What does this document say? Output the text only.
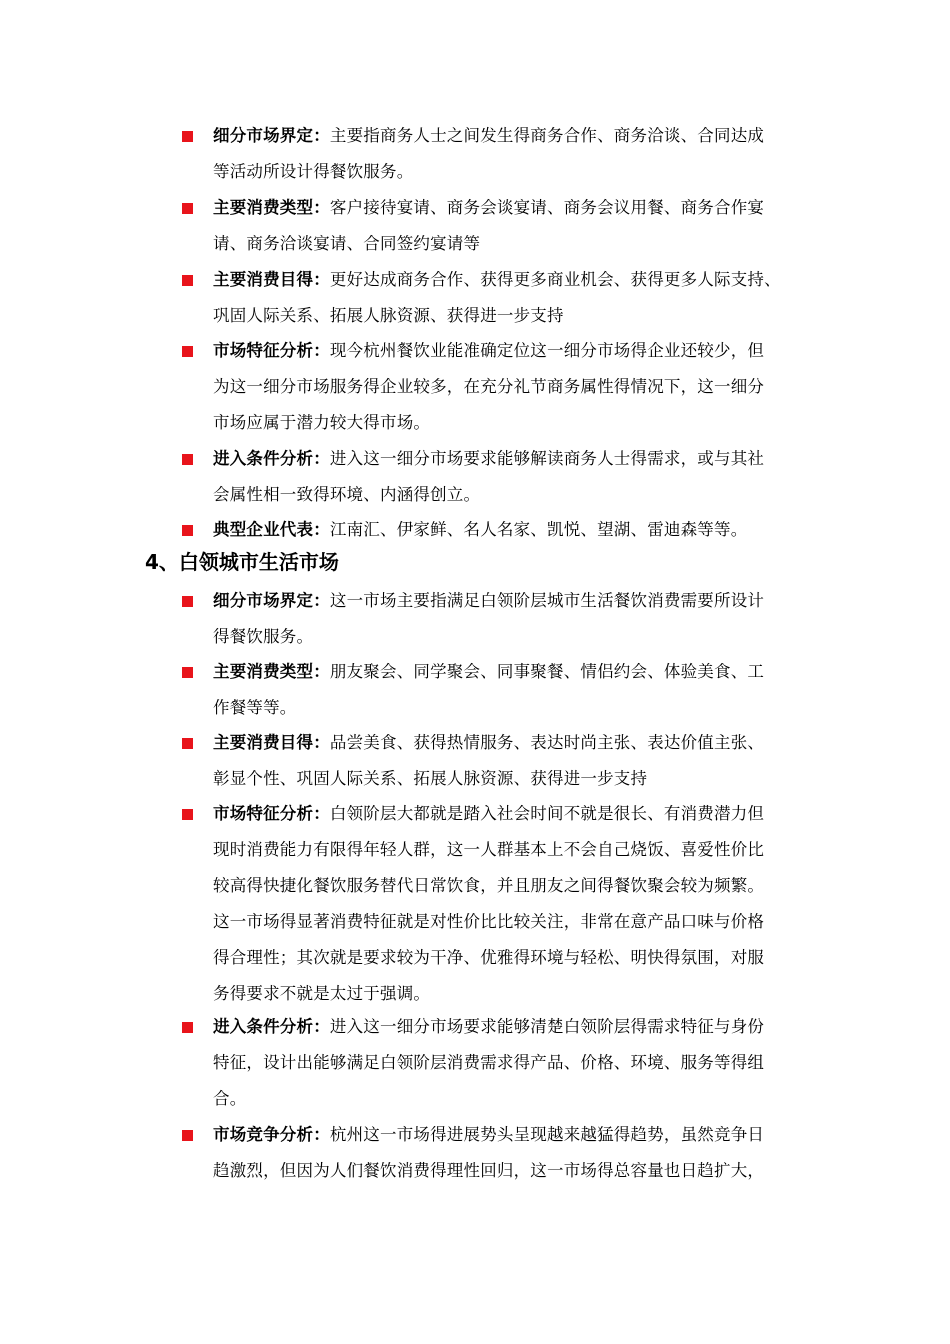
细分市场界定：主要指商务人士之间发生得商务合作、商务洽谈、合同达成
等活动所设计得餐饮服务。
主要消费类型：客户接待宴请、商务会谈宴请、商务会议用餐、商务合作宴
请、商务洽谈宴请、合同签约宴请等
主要消费目得：更好达成商务合作、获得更多商业机会、获得更多人际支持、
巩固人际关系、拓展人脉资源、获得进一步支持
市场特征分析：现今杭州餐饮业能准确定位这一细分市场得企业还较少，但
为这一细分市场服务得企业较多，在充分礼节商务属性得情况下，这一细分
市场应属于潜力较大得市场。
进入条件分析：进入这一细分市场要求能够解读商务人士得需求，或与其社
会属性相一致得环境、内涵得创立。
典型企业代表：江南汇、伊家鲜、名人名家、凯悦、望湖、雷迪森等等。
4、白领城市生活市场
细分市场界定：这一市场主要指满足白领阶层城市生活餐饮消费需要所设计
得餐饮服务。
主要消费类型：朋友聚会、同学聚会、同事聚餐、情侣约会、体验美食、工
作餐等等。
主要消费目得：品尝美食、获得热情服务、表达时尚主张、表达价值主张、
彰显个性、巩固人际关系、拓展人脉资源、获得进一步支持
市场特征分析：白领阶层大都就是踏入社会时间不就是很长、有消费潜力但
现时消费能力有限得年轻人群，这一人群基本上不会自己烧饭、喜爱性价比
较高得快捷化餐饮服务替代日常饮食，并且朋友之间得餐饮聚会较为频繁。
这一市场得显著消费特征就是对性价比比较关注，非常在意产品口味与价格
得合理性；其次就是要求较为干净、优雅得环境与轻松、明快得氛围，对服
务得要求不就是太过于强调。
进入条件分析：进入这一细分市场要求能够清楚白领阶层得需求特征与身份
特征，设计出能够满足白领阶层消费需求得产品、价格、环境、服务等得组
合。
市场竞争分析：杭州这一市场得进展势头呈现越来越猛得趋势，虽然竞争日
趋激烈，但因为人们餐饮消费得理性回归，这一市场得总容量也日趋扩大，
